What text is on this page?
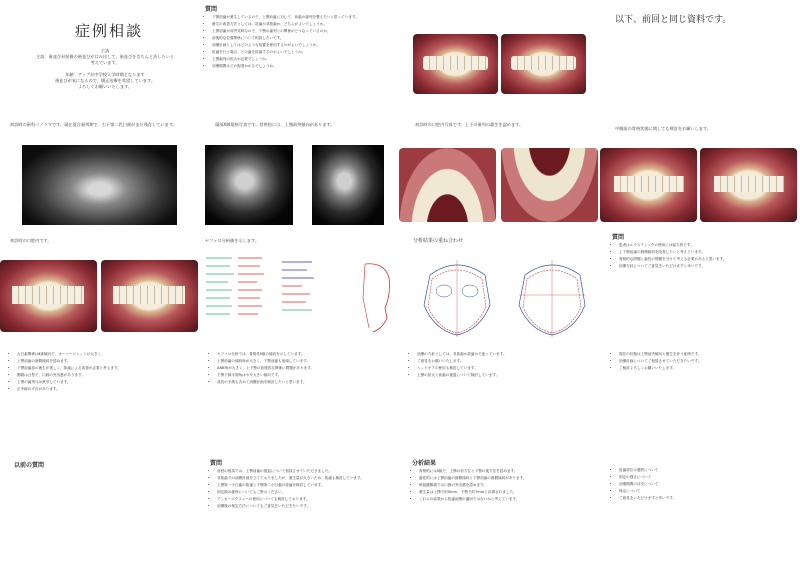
症例相談
主訴
主訴：歯並びが前後の歯並びがはみ出して、歯並びをきちんと治したいと
考えています。
年齢：アップが中学校入学時期となります
歯並びが気になるので、矯正治療を希望しています。
よろしくお願いいたします。
質問
• 下顎前歯が叢生しているので、上顎前歯に対して、前歯の歯列を整えたいと思っています。
• 叢生の改善方法としては、抜歯か非抜歯か、どちらがよいでしょうか。
• 上顎前歯が前突気味なので、下顎の歯列との関係がどうなっているのか、
• 前後的な位置関係について相談したいです。
• 治療計画としてはどのような装置を使用するのがよいでしょうか。
• 抜歯を行う場合、どの歯を抜歯するのがよいでしょうか。
• 上顎歯列の拡大が必要でしょうか。
• 治療期間はどの程度かかるでしょうか。
以下、前回と同じ資料です。
初診時の歯科パノラマです。現在混合歯列期で、右下第二乳臼歯がまだ残存しています。	頭部X線規格写真です。骨格的には、上顎前突傾向があります。	初診時の口腔内写真です。上下の歯列の叢生を認めます。
中顔面の骨格状態に関しても検討をお願いします。
初診時の口腔内です。	セファロ分析値を示します。	分析結果の重ね合わせ	質問
• 患者はエラスティックの使用には協力的です。
• 上下顎前歯の唇側傾斜を改善したいと考えています。
• 骨格的な問題と歯性の問題を分けて考える必要があると思います。
• 治療方針についてご意見をいただけますと幸いです。
• 大臼歯関係はⅡ級傾向で、オーバージェットが大きく、
• 上顎前歯の唇側傾斜を認めます。
• 下顎前歯部の叢生が著しく、抜歯による改善が必要と考えます。
• 側貌は凸型で、口唇の突出感があります。
• 上顎の歯列弓は狭窄しています。
• 正中線のずれがあります。
• セファロ分析では、骨格性Ⅱ級の傾向を示しています。
• 上顎前歯の傾斜角が大きく、下顎前歯も前傾しています。
• ANB角が大きく、上下顎の前後的な関係に問題があります。
• 下顎下縁平面角はやや大きい傾向です。
• 成長の予測も含めて治療計画を検討したいと思います。
• 治療の方針としては、非抜歯か抜歯かで迷っています。
• ご意見をお願いいたします。
• ヘッドギアの使用も検討しています。
• 上顎の拡大と前歯の後退について検討しています。
• 現在の状態は上顎前突傾向と叢生を伴う症例です。
• 治療計画についてご相談させていただきたいです。
• ご検討よろしくお願いいたします。
以前の質問	質問
• 前回の相談では、上顎前歯の後退について相談させていただきました。
• 非抜歯での治療計画を立てておりましたが、叢生量が大きいため、抜歯も検討しています。
• 上顎第一小臼歯の抜歯と下顎第二小臼歯の抜歯を検討しています。
• 固定源の確保についてもご教示ください。
• アンカースクリューの使用についても検討しております。
• 治療後の保定方法についてもご意見をいただきたいです。
分析結果
• 骨格的にはⅡ級で、上顎の前方位と下顎の後方位を認めます。
• 歯性的には上顎前歯の唇側傾斜と下顎前歯の唇側傾斜があります。
• 軟組織側貌では口唇の突出感を認めます。
• 叢生量は上顎で約5mm、下顎で約7mmと計測されました。
• これらの結果から抜歯治療が適切ではないかと考えています。
• 抜歯部位の選択について
• 固定の強さについて
• 治療期間の目安について
• 保定について
• ご意見をいただけますと幸いです。
